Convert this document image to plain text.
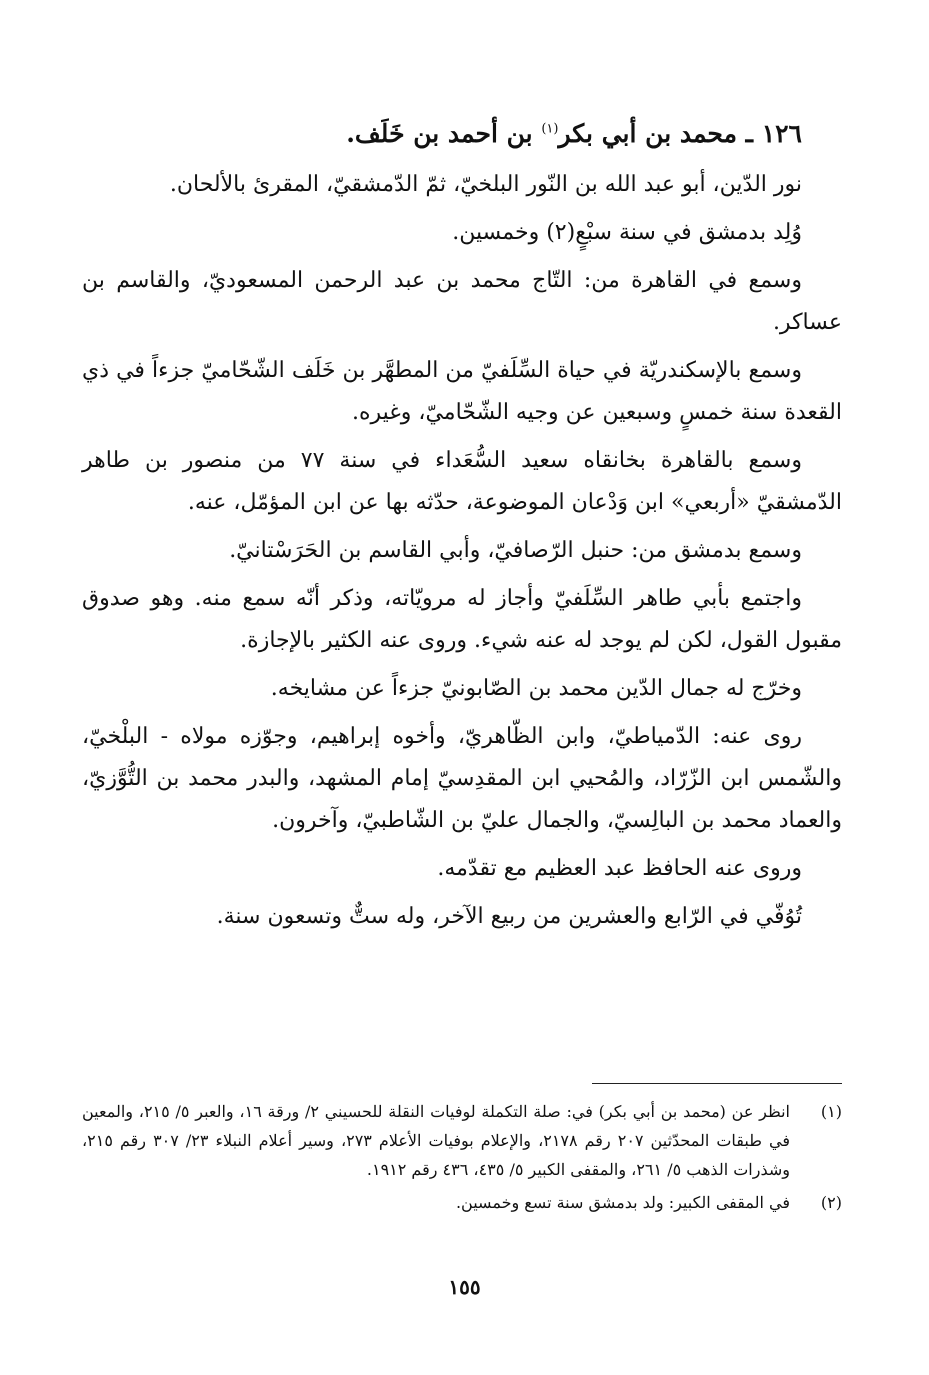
١٢٦ ـ محمد بن أبي بكر$^{(١)}$ بن أحمد بن خَلَف.

نور الدّين، أبو عبد الله بن النّور البلخيّ، ثمّ الدّمشقيّ، المقرئ بالألحان.

وُلِد بدمشق في سنة سبْعٍ(٢) وخمسين.

وسمع في القاهرة من: التّاج محمد بن عبد الرحمن المسعوديّ، والقاسم بن عساكر.

وسمع بالإسكندريّة في حياة السِّلَفيّ من المطهَّر بن خَلَف الشّحّاميّ جزءاً في ذي القعدة سنة خمسٍ وسبعين عن وجيه الشّحّاميّ، وغيره.

وسمع بالقاهرة بخانقاه سعيد السُّعَداء في سنة ٧٧ من منصور بن طاهر الدّمشقيّ «أربعي» ابن وَدْعان الموضوعة، حدّثه بها عن ابن المؤمّل، عنه.

وسمع بدمشق من: حنبل الرّصافيّ، وأبي القاسم بن الحَرَسْتانيّ.

واجتمع بأبي طاهر السِّلَفيّ وأجاز له مرويّاته، وذكر أنّه سمع منه. وهو صدوق مقبول القول، لكن لم يوجد له عنه شيء. وروى عنه الكثير بالإجازة.

وخرّج له جمال الدّين محمد بن الصّابونيّ جزءاً عن مشايخه.

روى عنه: الدّمياطيّ، وابن الظّاهريّ، وأخوه إبراهيم، وجوّزه مولاه - البلْخيّ، والشّمس ابن الزّرّاد، والمُحيي ابن المقدِسيّ إمام المشهد، والبدر محمد بن التُّوَّزيّ، والعماد محمد بن البالِسيّ، والجمال عليّ بن الشّاطبيّ، وآخرون.

وروى عنه الحافظ عبد العظيم مع تقدّمه.

تُوُفّي في الرّابع والعشرين من ربيع الآخر، وله ستٌّ وتسعون سنة.

(١)
انظر عن (محمد بن أبي بكر) في: صلة التكملة لوفيات النقلة للحسيني ٢/ ورقة ١٦، والعبر ٥/ ٢١٥، والمعين في طبقات المحدّثين ٢٠٧ رقم ٢١٧٨، والإعلام بوفيات الأعلام ٢٧٣، وسير أعلام النبلاء ٢٣/ ٣٠٧ رقم ٢١٥، وشذرات الذهب ٥/ ٢٦١، والمقفى الكبير ٥/ ٤٣٥، ٤٣٦ رقم ١٩١٢.
(٢)
في المقفى الكبير: ولد بدمشق سنة تسع وخمسين.
١٥٥
